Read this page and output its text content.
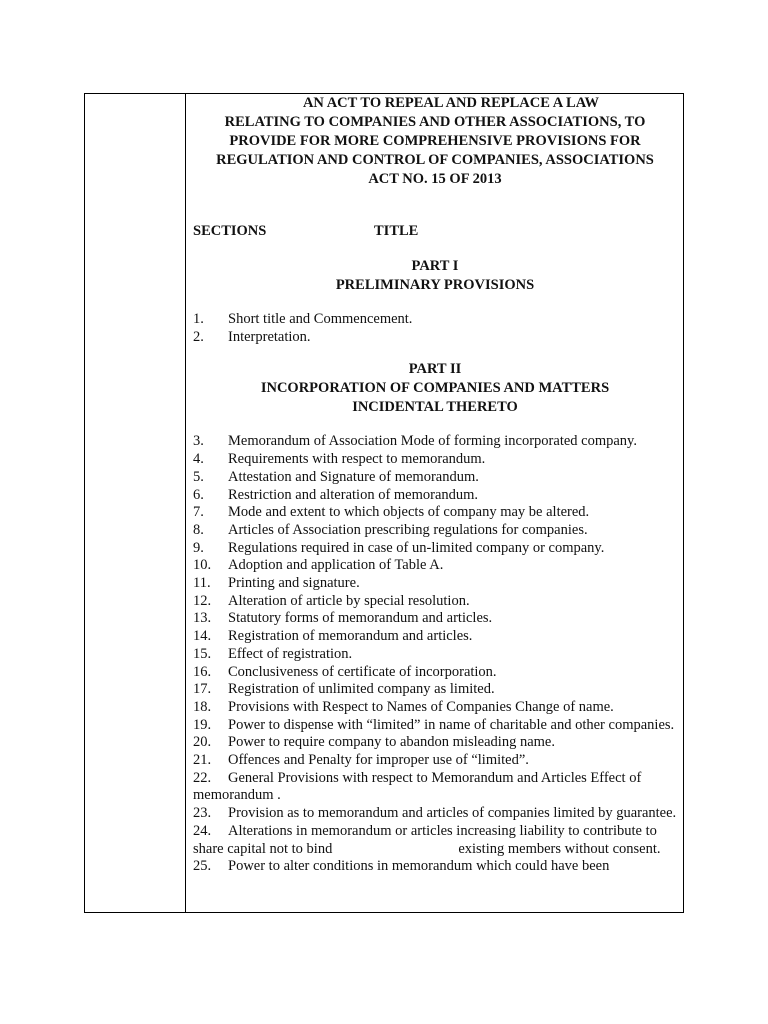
AN ACT TO REPEAL AND REPLACE A LAW
RELATING TO COMPANIES AND OTHER ASSOCIATIONS, TO
PROVIDE FOR MORE COMPREHENSIVE PROVISIONS FOR
REGULATION AND CONTROL OF COMPANIES, ASSOCIATIONS
ACT NO. 15 OF 2013
SECTIONS	TITLE
PART I
PRELIMINARY PROVISIONS
1. Short title and Commencement.
2. Interpretation.
PART II
INCORPORATION OF COMPANIES AND MATTERS
INCIDENTAL THERETO
3. Memorandum of Association Mode of forming incorporated company.
4. Requirements with respect to memorandum.
5. Attestation and Signature of memorandum.
6. Restriction and alteration of memorandum.
7. Mode and extent to which objects of company may be altered.
8. Articles of Association prescribing regulations for companies.
9. Regulations required in case of un-limited company or company.
10. Adoption and application of Table A.
11. Printing and signature.
12. Alteration of article by special resolution.
13. Statutory forms of memorandum and articles.
14. Registration of memorandum and articles.
15. Effect of registration.
16. Conclusiveness of certificate of incorporation.
17. Registration of unlimited company as limited.
18. Provisions with Respect to Names of Companies Change of name.
19. Power to dispense with “limited” in name of charitable and other companies.
20. Power to require company to abandon misleading name.
21. Offences and Penalty for improper use of “limited”.
22. General Provisions with respect to Memorandum and Articles Effect of memorandum .
23. Provision as to memorandum and articles of companies limited by guarantee.
24. Alterations in memorandum or articles increasing liability to contribute to share capital not to bind	existing members without consent.
25. Power to alter conditions in memorandum which could have been
